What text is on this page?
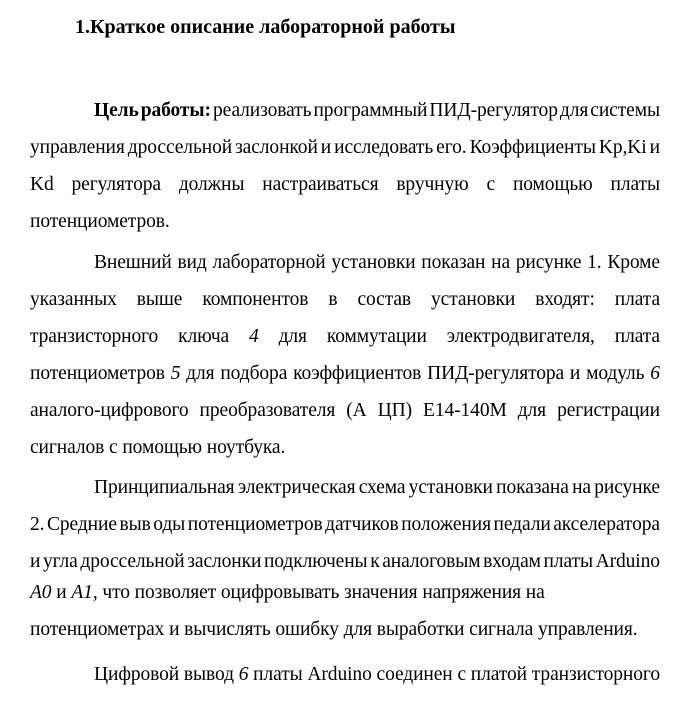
1.Краткое описание лабораторной работы
Цель работы: реализовать программный ПИД-регулятор для системы
управления дроссельной заслонкой и исследовать его. Коэффициенты Kp,Ki и
Kd регулятора должны настраиваться вручную с помощью платы
потенциометров.
Внешний вид лабораторной установки показан на рисунке 1. Кроме
указанных выше компонентов в состав установки входят: плата
транзисторного ключа 4 для коммутации электродвигателя, плата
потенциометров 5 для подбора коэффициентов ПИД-регулятора и модуль 6
аналого-цифрового преобразователя (А ЦП) Е14-140М для регистрации
сигналов с помощью ноутбука.
Принципиальная электрическая схема установки показана на рисунке
2. Средние выв оды потенциометров датчиков положения педали акселератора
и угла дроссельной заслонки подключены к аналоговым входам платы Arduino
A0 и A1, что позволяет оцифровывать значения напряжения на
потенциометрах и вычислять ошибку для выработки сигнала управления.
Цифровой вывод 6 платы Arduino соединен с платой транзисторного
